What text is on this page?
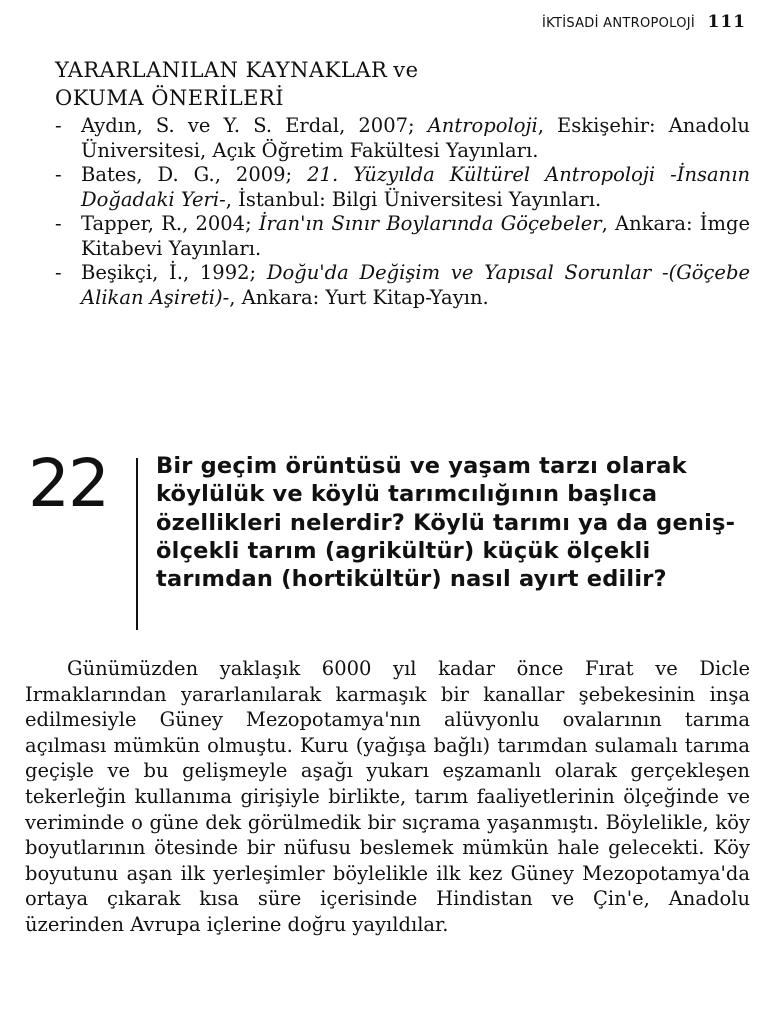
İKTİSADİ ANTROPOLOJİ 111
YARARLANILAN KAYNAKLAR ve
OKUMA ÖNERİLERİ
- Aydın, S. ve Y. S. Erdal, 2007; Antropoloji, Eskişehir: Anadolu Üniversitesi, Açık Öğretim Fakültesi Yayınları.
- Bates, D. G., 2009; 21. Yüzyılda Kültürel Antropoloji -İnsanın Doğadaki Yeri-, İstanbul: Bilgi Üniversitesi Yayınları.
- Tapper, R., 2004; İran'ın Sınır Boylarında Göçebeler, Ankara: İmge Kitabevi Yayınları.
- Beşikçi, İ., 1992; Doğu'da Değişim ve Yapısal Sorunlar -(Göçebe Alikan Aşireti)-, Ankara: Yurt Kitap-Yayın.
22 Bir geçim örüntüsü ve yaşam tarzı olarak köylülük ve köylü tarımcılığının başlıca özellikleri nelerdir? Köylü tarımı ya da geniş-ölçekli tarım (agrikültür) küçük ölçekli tarımdan (hortikültür) nasıl ayırt edilir?

Günümüzden yaklaşık 6000 yıl kadar önce Fırat ve Dicle Irmaklarından yararlanılarak karmaşık bir kanallar şebekesinin inşa edilmesiyle Güney Mezopotamya'nın alüvyonlu ovalarının tarıma açılması mümkün olmuştu. Kuru (yağışa bağlı) tarımdan sulamalı tarıma geçişle ve bu gelişmeyle aşağı yukarı eşzamanlı olarak gerçekleşen tekerleğin kullanıma girişiyle birlikte, tarım faaliyetlerinin ölçeğinde ve veriminde o güne dek görülmedik bir sıçrama yaşanmıştı. Böylelikle, köy boyutlarının ötesinde bir nüfusu beslemek mümkün hale gelecekti. Köy boyutunu aşan ilk yerleşimler böylelikle ilk kez Güney Mezopotamya'da ortaya çıkarak kısa süre içerisinde Hindistan ve Çin'e, Anadolu üzerinden Avrupa içlerine doğru yayıldılar.
